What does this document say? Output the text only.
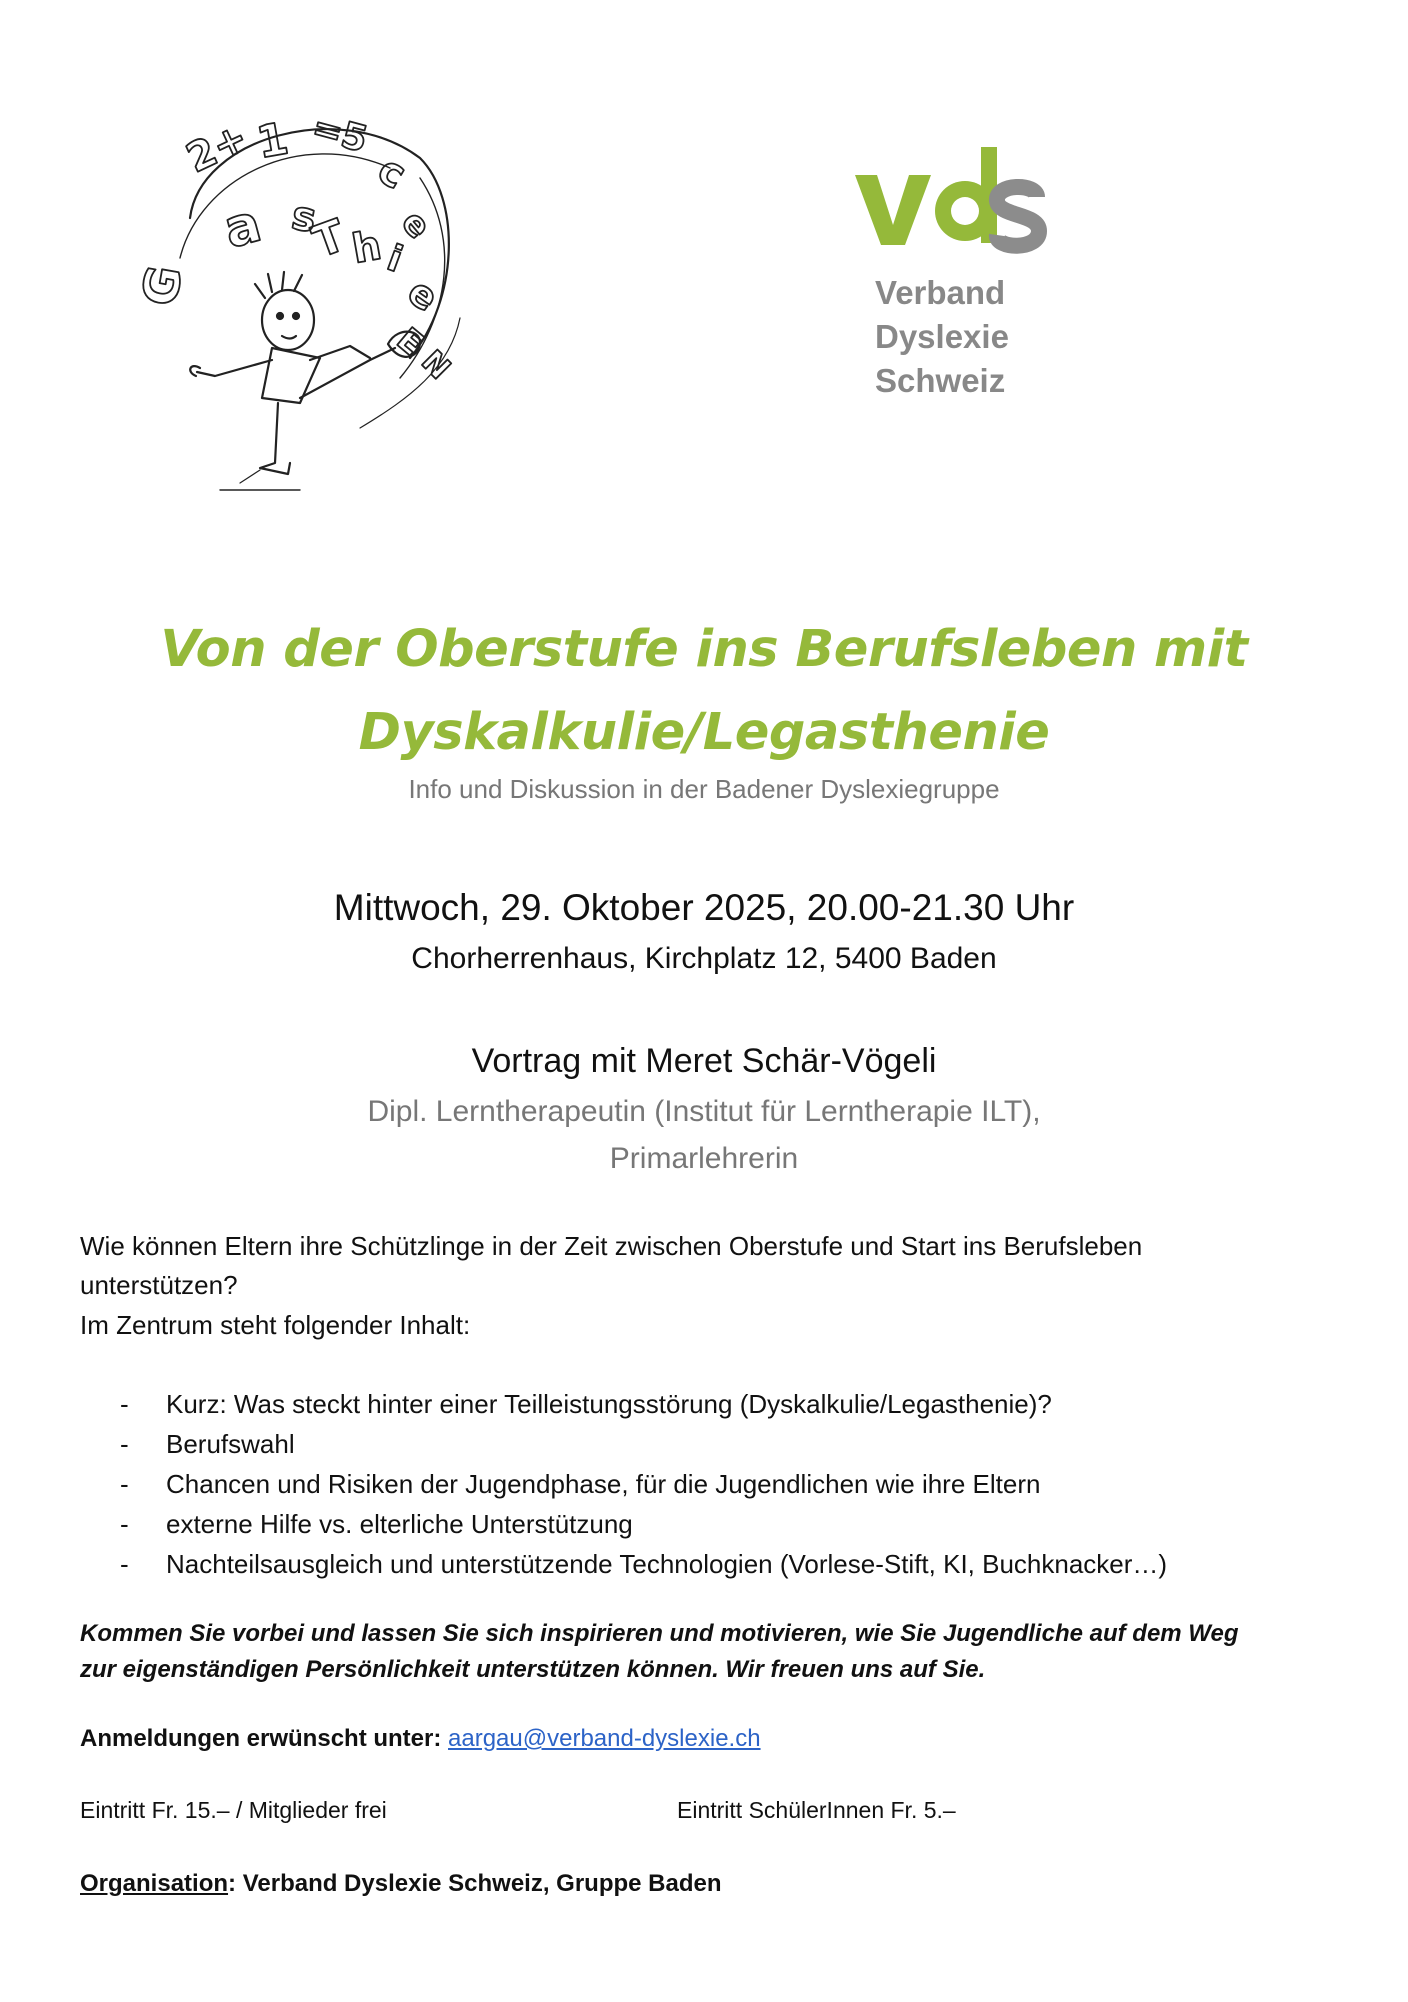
2+
1 =5
G
a s
c
e
T
h
i
e
E
N
Verband
Dyslexie
Schweiz
Von der Oberstufe ins Berufsleben mit
Dyskalkulie/Legasthenie
Info und Diskussion in der Badener Dyslexiegruppe
Mittwoch, 29. Oktober 2025, 20.00-21.30 Uhr
Chorherrenhaus, Kirchplatz 12, 5400 Baden
Vortrag mit Meret Schär-Vögeli
Dipl. Lerntherapeutin (Institut für Lerntherapie ILT),
Primarlehrerin
Wie können Eltern ihre Schützlinge in der Zeit zwischen Oberstufe und Start ins Berufsleben
unterstützen?
Im Zentrum steht folgender Inhalt:
- Kurz: Was steckt hinter einer Teilleistungsstörung (Dyskalkulie/Legasthenie)?
- Berufswahl
- Chancen und Risiken der Jugendphase, für die Jugendlichen wie ihre Eltern
- externe Hilfe vs. elterliche Unterstützung
- Nachteilsausgleich und unterstützende Technologien (Vorlese-Stift, KI, Buchknacker…)
Kommen Sie vorbei und lassen Sie sich inspirieren und motivieren, wie Sie Jugendliche auf dem Weg
zur eigenständigen Persönlichkeit unterstützen können. Wir freuen uns auf Sie.
Anmeldungen erwünscht unter: aargau@verband-dyslexie.ch
Eintritt Fr. 15.– / Mitglieder frei	Eintritt SchülerInnen Fr. 5.–
Organisation: Verband Dyslexie Schweiz, Gruppe Baden
